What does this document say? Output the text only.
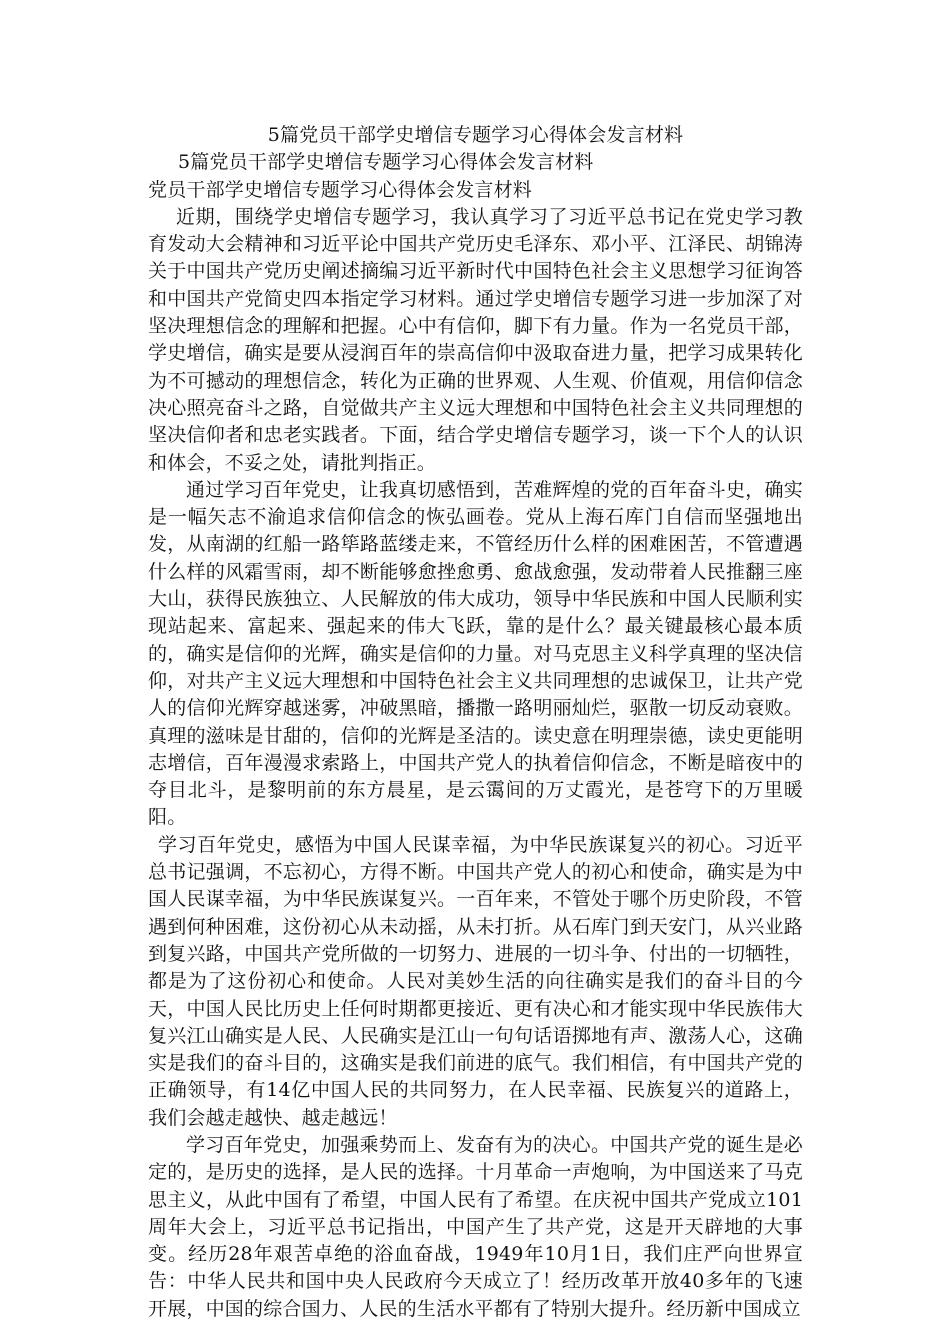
5篇党员干部学史增信专题学习心得体会发言材料

5篇党员干部学史增信专题学习心得体会发言材料

党员干部学史增信专题学习心得体会发言材料

近期，围绕学史增信专题学习，我认真学习了习近平总书记在党史学习教育发动大会精神和习近平论中国共产党历史毛泽东、邓小平、江泽民、胡锦涛关于中国共产党历史阐述摘编习近平新时代中国特色社会主义思想学习征询答和中国共产党简史四本指定学习材料。通过学史增信专题学习进一步加深了对坚决理想信念的理解和把握。心中有信仰，脚下有力量。作为一名党员干部，学史增信，确实是要从浸润百年的崇高信仰中汲取奋进力量，把学习成果转化为不可撼动的理想信念，转化为正确的世界观、人生观、价值观，用信仰信念决心照亮奋斗之路，自觉做共产主义远大理想和中国特色社会主义共同理想的坚决信仰者和忠老实践者。下面，结合学史增信专题学习，谈一下个人的认识和体会，不妥之处，请批判指正。

通过学习百年党史，让我真切感悟到，苦难辉煌的党的百年奋斗史，确实是一幅矢志不渝追求信仰信念的恢弘画卷。党从上海石库门自信而坚强地出发，从南湖的红船一路筚路蓝缕走来，不管经历什么样的困难困苦，不管遭遇什么样的风霜雪雨，却不断能够愈挫愈勇、愈战愈强，发动带着人民推翻三座大山，获得民族独立、人民解放的伟大成功，领导中华民族和中国人民顺利实现站起来、富起来、强起来的伟大飞跃，靠的是什么？最关键最核心最本质的，确实是信仰的光辉，确实是信仰的力量。对马克思主义科学真理的坚决信仰，对共产主义远大理想和中国特色社会主义共同理想的忠诚保卫，让共产党人的信仰光辉穿越迷雾，冲破黑暗，播撒一路明丽灿烂，驱散一切反动衰败。真理的滋味是甘甜的，信仰的光辉是圣洁的。读史意在明理崇德，读史更能明志增信，百年漫漫求索路上，中国共产党人的执着信仰信念，不断是暗夜中的夺目北斗，是黎明前的东方晨星，是云霭间的万丈霞光，是苍穹下的万里暖阳。

学习百年党史，感悟为中国人民谋幸福，为中华民族谋复兴的初心。习近平总书记强调，不忘初心，方得不断。中国共产党人的初心和使命，确实是为中国人民谋幸福，为中华民族谋复兴。一百年来，不管处于哪个历史阶段，不管遇到何种困难，这份初心从未动摇，从未打折。从石库门到天安门，从兴业路到复兴路，中国共产党所做的一切努力、进展的一切斗争、付出的一切牺牲，都是为了这份初心和使命。人民对美妙生活的向往确实是我们的奋斗目的今天，中国人民比历史上任何时期都更接近、更有决心和才能实现中华民族伟大复兴江山确实是人民、人民确实是江山一句句话语掷地有声、激荡人心，这确实是我们的奋斗目的，这确实是我们前进的底气。我们相信，有中国共产党的正确领导，有14亿中国人民的共同努力，在人民幸福、民族复兴的道路上，我们会越走越快、越走越远！

学习百年党史，加强乘势而上、发奋有为的决心。中国共产党的诞生是必定的，是历史的选择，是人民的选择。十月革命一声炮响，为中国送来了马克思主义，从此中国有了希望，中国人民有了希望。在庆祝中国共产党成立101周年大会上，习近平总书记指出，中国产生了共产党，这是开天辟地的大事变。经历28年艰苦卓绝的浴血奋战，1949年10月1日，我们庄严向世界宣告：中华人民共和国中央人民政府今天成立了！经历改革开放40多年的飞速开展，中国的综合国力、人民的生活水平都有了特别大提升。经历新中国成立
